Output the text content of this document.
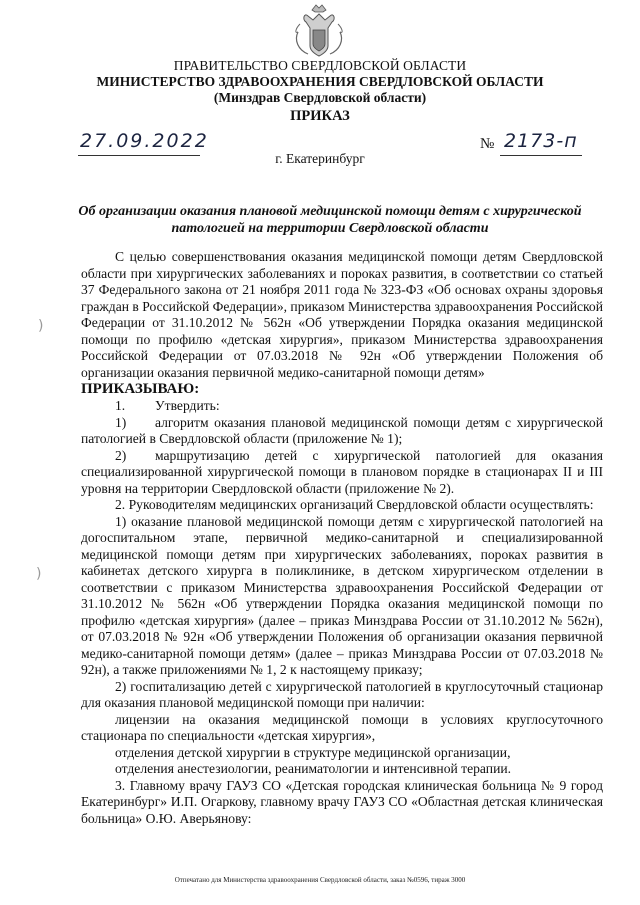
ПРАВИТЕЛЬСТВО СВЕРДЛОВСКОЙ ОБЛАСТИ
МИНИСТЕРСТВО ЗДРАВООХРАНЕНИЯ СВЕРДЛОВСКОЙ ОБЛАСТИ
(Минздрав Свердловской области)
ПРИКАЗ
27.09.2022	№ 2173-п
г. Екатеринбург
Об организации оказания плановой медицинской помощи детям с хирургической патологией на территории Свердловской области

С целью совершенствования оказания медицинской помощи детям Свердловской области при хирургических заболеваниях и пороках развития, в соответствии со статьей 37 Федерального закона от 21 ноября 2011 года № 323-ФЗ «Об основах охраны здоровья граждан в Российской Федерации», приказом Министерства здравоохранения Российской Федерации от 31.10.2012 № 562н «Об утверждении Порядка оказания медицинской помощи по профилю «детская хирургия», приказом Министерства здравоохранения Российской Федерации от 07.03.2018 № 92н «Об утверждении Положения об организации оказания первичной медико-санитарной помощи детям»

ПРИКАЗЫВАЮ:

1. Утвердить:

1) алгоритм оказания плановой медицинской помощи детям с хирургической патологией в Свердловской области (приложение № 1);

2) маршрутизацию детей с хирургической патологией для оказания специализированной хирургической помощи в плановом порядке в стационарах II и III уровня на территории Свердловской области (приложение № 2).

2. Руководителям медицинских организаций Свердловской области осуществлять:

1) оказание плановой медицинской помощи детям с хирургической патологией на догоспитальном этапе, первичной медико-санитарной и специализированной медицинской помощи детям при хирургических заболеваниях, пороках развития в кабинетах детского хирурга в поликлинике, в детском хирургическом отделении в соответствии с приказом Министерства здравоохранения Российской Федерации от 31.10.2012 № 562н «Об утверждении Порядка оказания медицинской помощи по профилю «детская хирургия» (далее – приказ Минздрава России от 31.10.2012 № 562н), от 07.03.2018 № 92н «Об утверждении Положения об организации оказания первичной медико-санитарной помощи детям» (далее – приказ Минздрава России от 07.03.2018 № 92н), а также приложениями № 1, 2 к настоящему приказу;

2) госпитализацию детей с хирургической патологией в круглосуточный стационар для оказания плановой медицинской помощи при наличии:

лицензии на оказания медицинской помощи в условиях круглосуточного стационара по специальности «детская хирургия»,

отделения детской хирургии в структуре медицинской организации,

отделения анестезиологии, реаниматологии и интенсивной терапии.

3. Главному врачу ГАУЗ СО «Детская городская клиническая больница № 9 город Екатеринбург» И.П. Огаркову, главному врачу ГАУЗ СО «Областная детская клиническая больница» О.Ю. Аверьянову:

)
)
Отпечатано для Министерства здравоохранения Свердловской области, заказ №0596, тираж 3000
